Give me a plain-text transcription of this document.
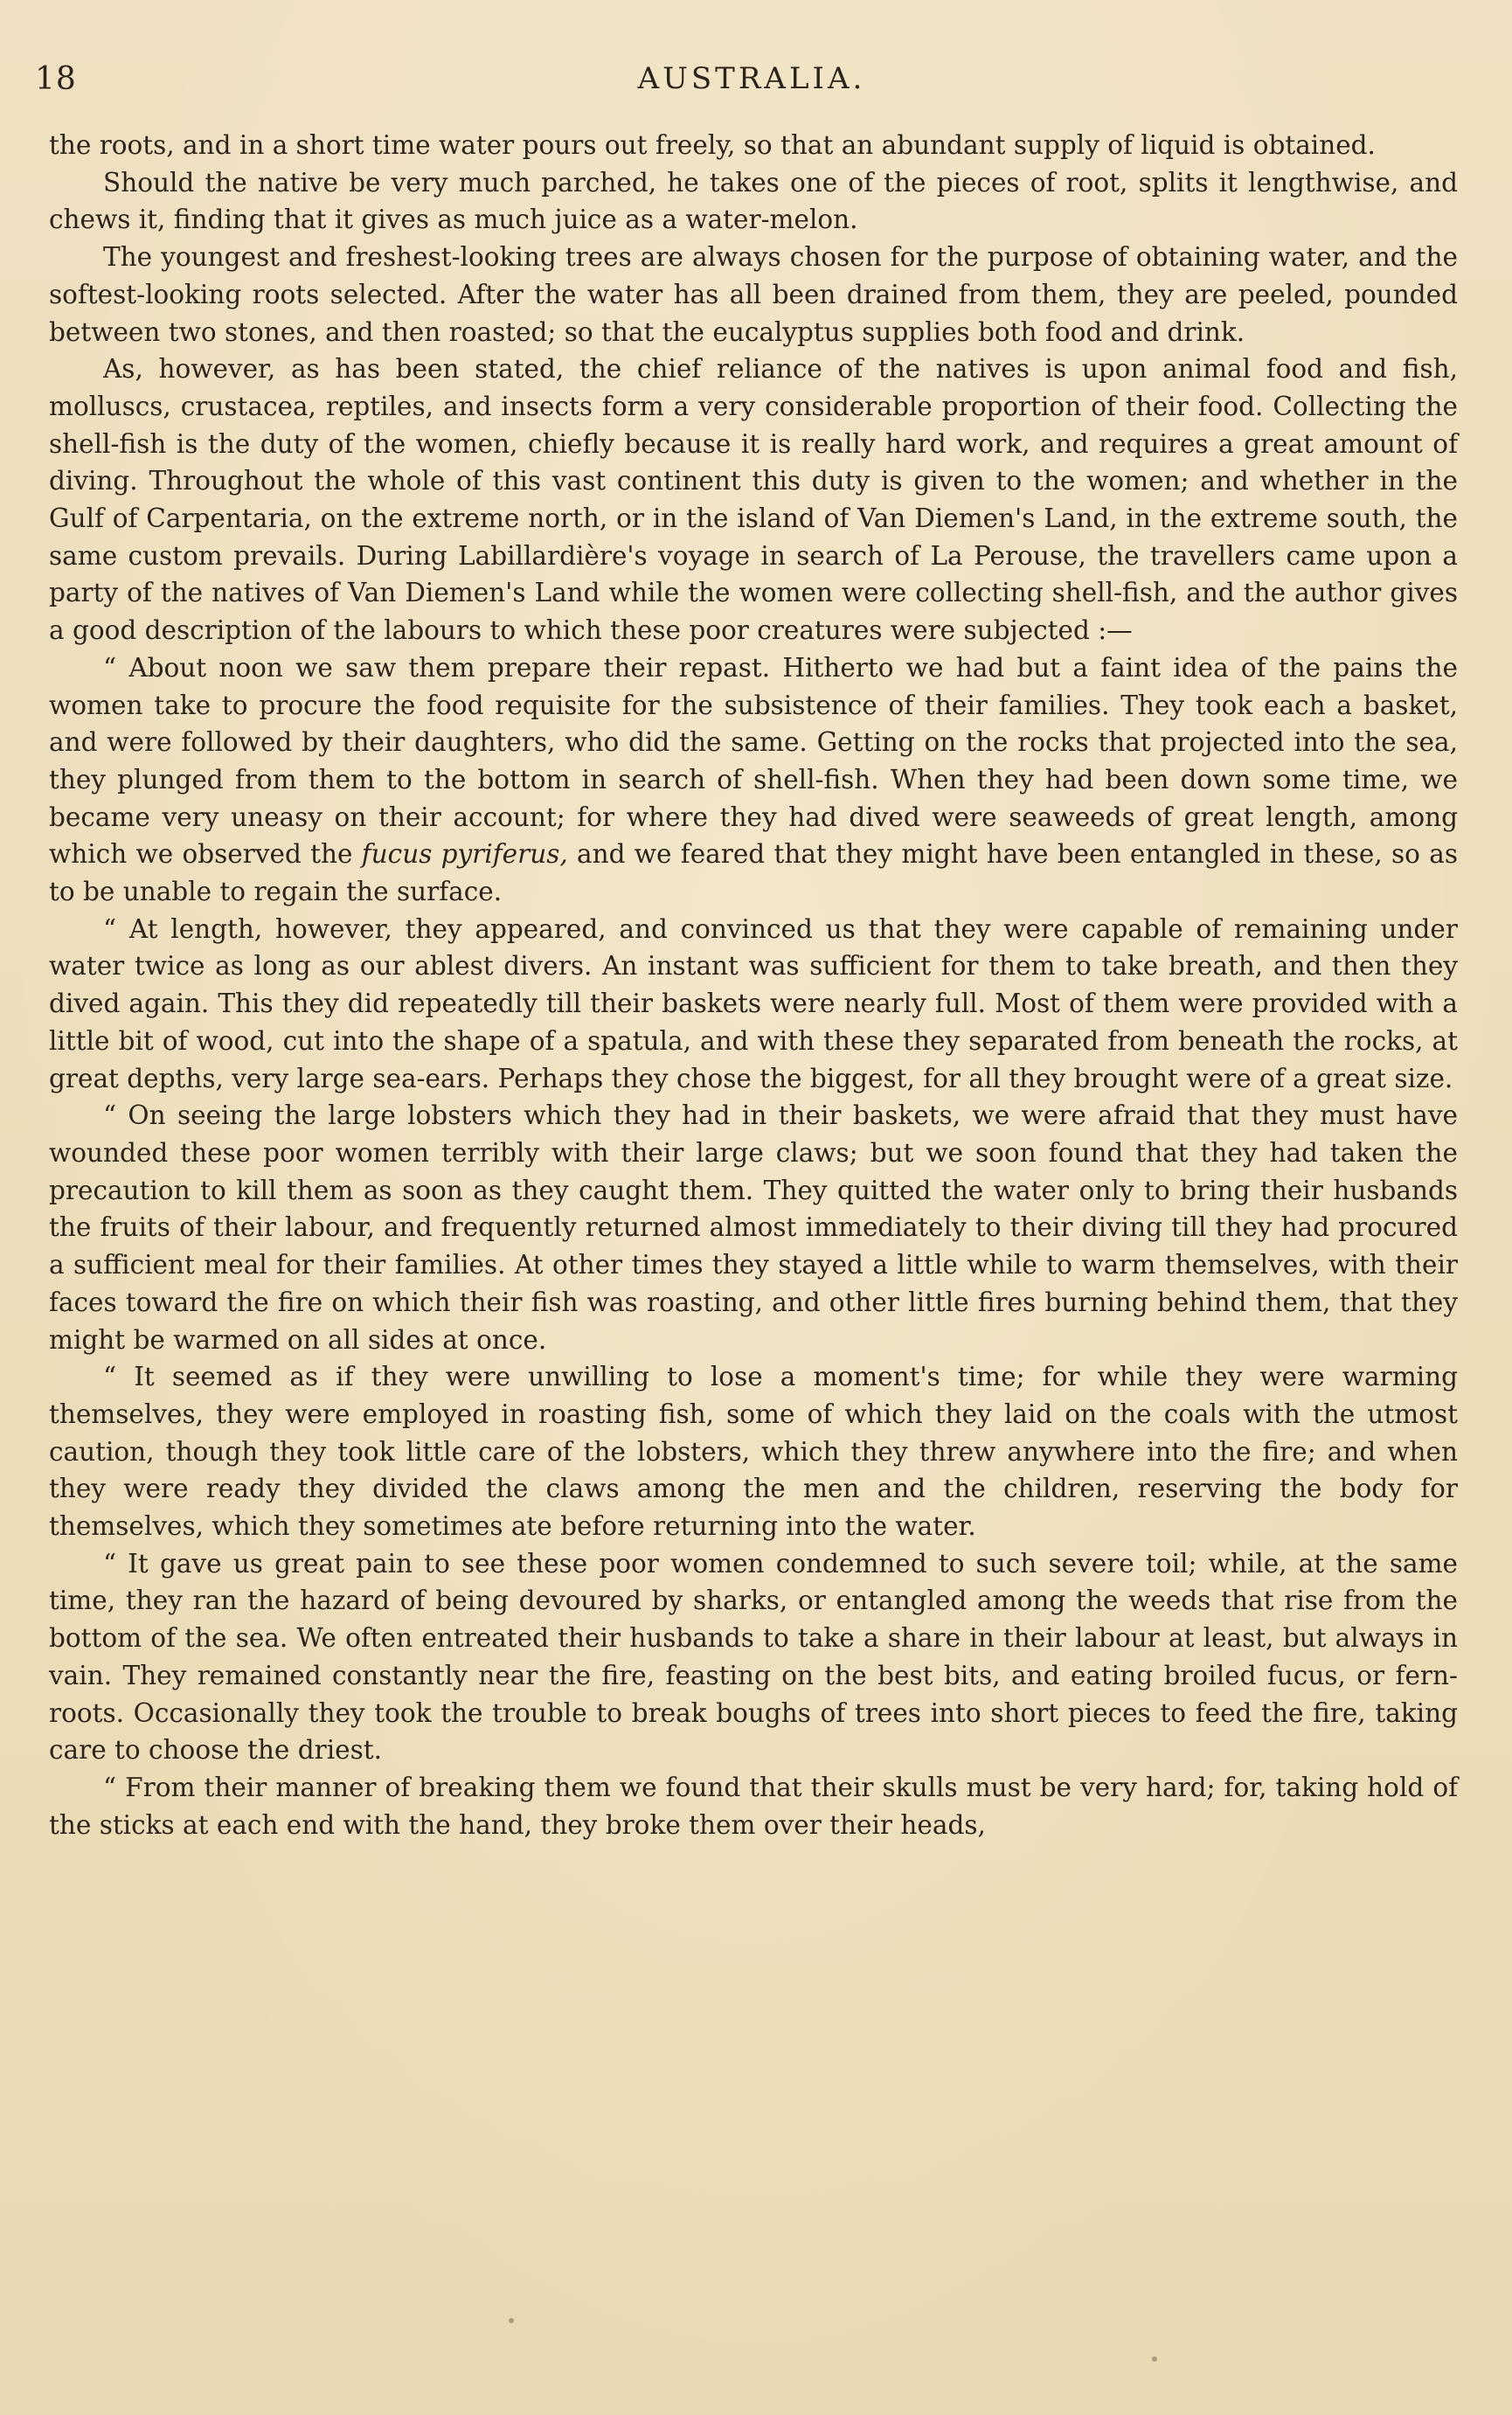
18	AUSTRALIA.

the roots, and in a short time water pours out freely, so that an abundant supply of liquid is obtained.

Should the native be very much parched, he takes one of the pieces of root, splits it lengthwise, and chews it, finding that it gives as much juice as a water-melon.

The youngest and freshest-looking trees are always chosen for the purpose of obtaining water, and the softest-looking roots selected. After the water has all been drained from them, they are peeled, pounded between two stones, and then roasted; so that the eucalyptus supplies both food and drink.

As, however, as has been stated, the chief reliance of the natives is upon animal food and fish, molluscs, crustacea, reptiles, and insects form a very considerable proportion of their food. Collecting the shell-fish is the duty of the women, chiefly because it is really hard work, and requires a great amount of diving. Throughout the whole of this vast continent this duty is given to the women; and whether in the Gulf of Carpentaria, on the extreme north, or in the island of Van Diemen's Land, in the extreme south, the same custom prevails. During Labillardière's voyage in search of La Perouse, the travellers came upon a party of the natives of Van Diemen's Land while the women were collecting shell-fish, and the author gives a good description of the labours to which these poor creatures were subjected :—

“ About noon we saw them prepare their repast. Hitherto we had but a faint idea of the pains the women take to procure the food requisite for the subsistence of their families. They took each a basket, and were followed by their daughters, who did the same. Getting on the rocks that projected into the sea, they plunged from them to the bottom in search of shell-fish. When they had been down some time, we became very uneasy on their account; for where they had dived were seaweeds of great length, among which we observed the fucus pyriferus, and we feared that they might have been entangled in these, so as to be unable to regain the surface.

“ At length, however, they appeared, and convinced us that they were capable of remaining under water twice as long as our ablest divers. An instant was sufficient for them to take breath, and then they dived again. This they did repeatedly till their baskets were nearly full. Most of them were provided with a little bit of wood, cut into the shape of a spatula, and with these they separated from beneath the rocks, at great depths, very large sea-ears. Perhaps they chose the biggest, for all they brought were of a great size.

“ On seeing the large lobsters which they had in their baskets, we were afraid that they must have wounded these poor women terribly with their large claws; but we soon found that they had taken the precaution to kill them as soon as they caught them. They quitted the water only to bring their husbands the fruits of their labour, and frequently returned almost immediately to their diving till they had procured a sufficient meal for their families. At other times they stayed a little while to warm themselves, with their faces toward the fire on which their fish was roasting, and other little fires burning behind them, that they might be warmed on all sides at once.

“ It seemed as if they were unwilling to lose a moment's time; for while they were warming themselves, they were employed in roasting fish, some of which they laid on the coals with the utmost caution, though they took little care of the lobsters, which they threw anywhere into the fire; and when they were ready they divided the claws among the men and the children, reserving the body for themselves, which they sometimes ate before returning into the water.

“ It gave us great pain to see these poor women condemned to such severe toil; while, at the same time, they ran the hazard of being devoured by sharks, or entangled among the weeds that rise from the bottom of the sea. We often entreated their husbands to take a share in their labour at least, but always in vain. They remained constantly near the fire, feasting on the best bits, and eating broiled fucus, or fern-roots. Occasionally they took the trouble to break boughs of trees into short pieces to feed the fire, taking care to choose the driest.

“ From their manner of breaking them we found that their skulls must be very hard; for, taking hold of the sticks at each end with the hand, they broke them over their heads,
